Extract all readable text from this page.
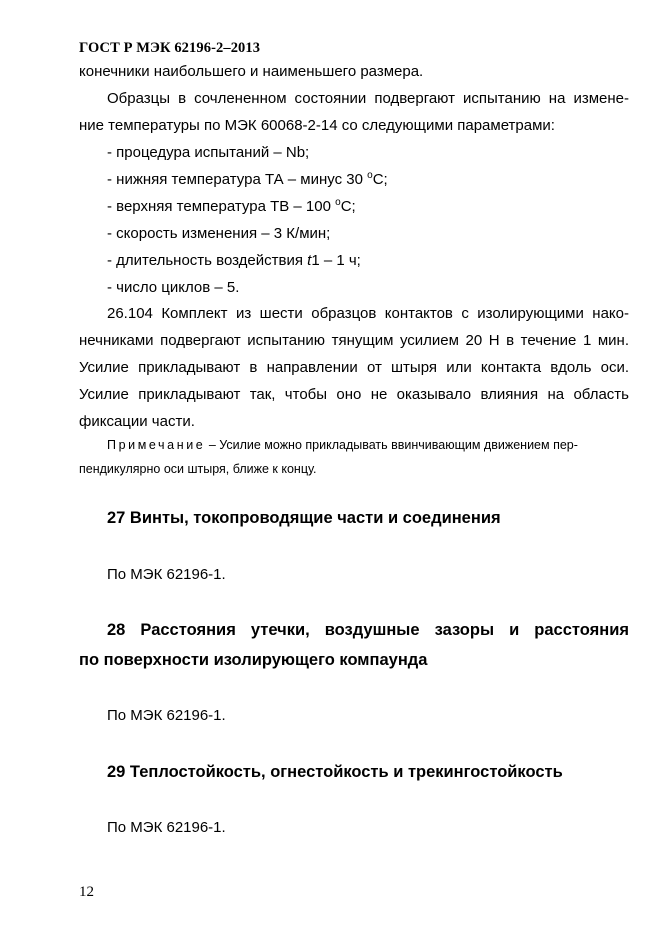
ГОСТ Р МЭК 62196-2–2013
конечники наибольшего и наименьшего размера.
Образцы в сочлененном состоянии подвергают испытанию на измене-
ние температуры по МЭК 60068-2-14 со следующими параметрами:
- процедура испытаний – Nb;
- нижняя температура ТА – минус 30 $^o$С;
- верхняя температура ТВ – 100 $^o$С;
- скорость изменения – 3 К/мин;
- длительность воздействия t1 – 1 ч;
- число циклов – 5.
26.104 Комплект из шести образцов контактов с изолирующими нако-
нечниками подвергают испытанию тянущим усилием 20 Н в течение 1 мин.
Усилие прикладывают в направлении от штыря или контакта вдоль оси.
Усилие прикладывают так, чтобы оно не оказывало влияния на область
фиксации части.
Примечание – Усилие можно прикладывать ввинчивающим движением пер-
пендикулярно оси штыря, ближе к концу.
27 Винты, токопроводящие части и соединения
По МЭК 62196-1.
28 Расстояния утечки, воздушные зазоры и расстояния
по поверхности изолирующего компаунда
По МЭК 62196-1.
29 Теплостойкость, огнестойкость и трекингостойкость
По МЭК 62196-1.
12
